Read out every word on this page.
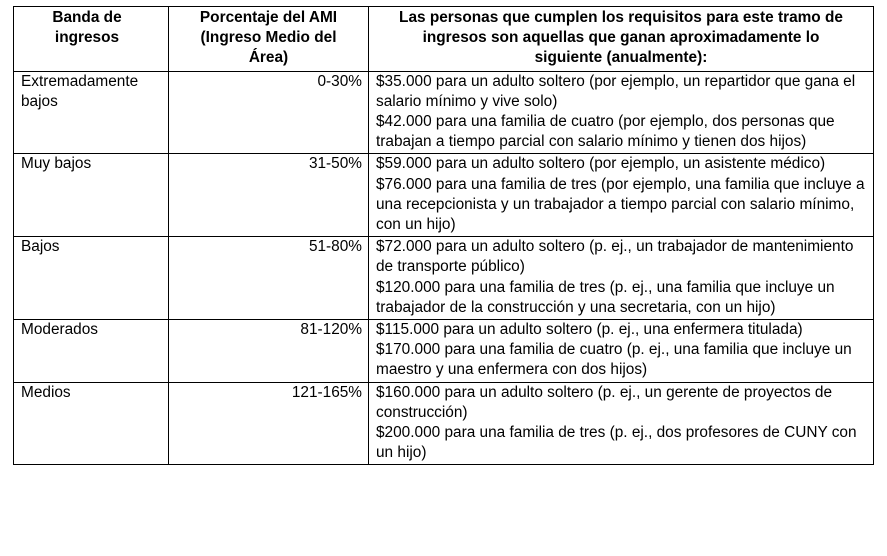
Banda de ingresos	Porcentaje del AMI (Ingreso Medio del Área)	Las personas que cumplen los requisitos para este tramo de ingresos son aquellas que ganan aproximadamente lo siguiente (anualmente):
Extremadamente bajos	0-30%	$35.000 para un adulto soltero (por ejemplo, un repartidor que gana el salario mínimo y vive solo)
$42.000 para una familia de cuatro (por ejemplo, dos personas que trabajan a tiempo parcial con salario mínimo y tienen dos hijos)

Muy bajos	31-50%	$59.000 para un adulto soltero (por ejemplo, un asistente médico)
$76.000 para una familia de tres (por ejemplo, una familia que incluye a una recepcionista y un trabajador a tiempo parcial con salario mínimo, con un hijo)

Bajos	51-80%	$72.000 para un adulto soltero (p. ej., un trabajador de mantenimiento de transporte público)
$120.000 para una familia de tres (p. ej., una familia que incluye un trabajador de la construcción y una secretaria, con un hijo)

Moderados	81-120%	$115.000 para un adulto soltero (p. ej., una enfermera titulada)
$170.000 para una familia de cuatro (p. ej., una familia que incluye un maestro y una enfermera con dos hijos)

Medios	121-165%	$160.000 para un adulto soltero (p. ej., un gerente de proyectos de construcción)
$200.000 para una familia de tres (p. ej., dos profesores de CUNY con un hijo)
